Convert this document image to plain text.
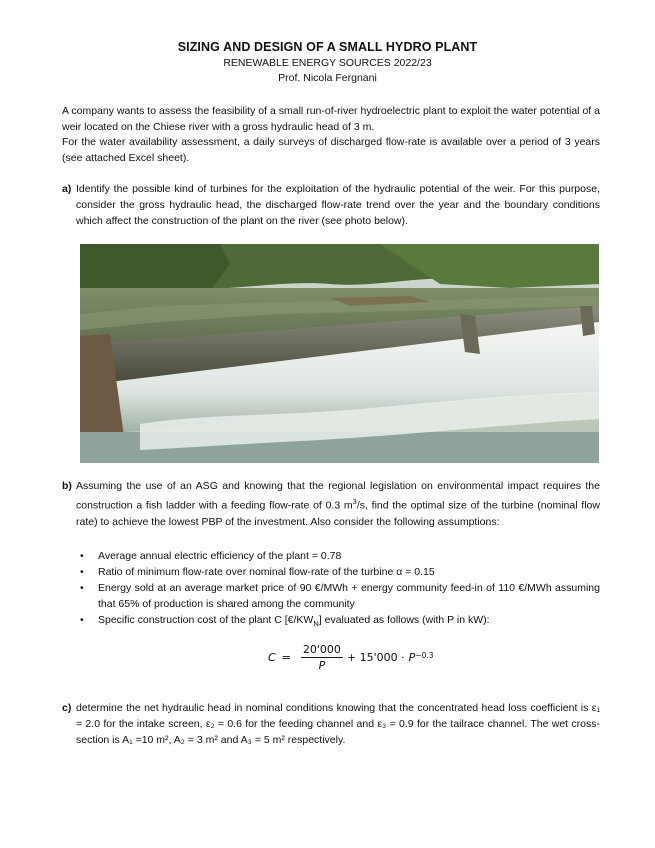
SIZING AND DESIGN OF A SMALL HYDRO PLANT
RENEWABLE ENERGY SOURCES 2022/23
Prof. Nicola Fergnani
A company wants to assess the feasibility of a small run-of-river hydroelectric plant to exploit the water potential of a weir located on the Chiese river with a gross hydraulic head of 3 m.
For the water availability assessment, a daily surveys of discharged flow-rate is available over a period of 3 years (see attached Excel sheet).
a) Identify the possible kind of turbines for the exploitation of the hydraulic potential of the weir. For this purpose, consider the gross hydraulic head, the discharged flow-rate trend over the year and the boundary conditions which affect the construction of the plant on the river (see photo below).
b) Assuming the use of an ASG and knowing that the regional legislation on environmental impact requires the construction a fish ladder with a feeding flow-rate of 0.3 $m^3/s$, find the optimal size of the turbine (nominal flow rate) to achieve the lowest PBP of the investment. Also consider the following assumptions:
• Average annual electric efficiency of the plant = 0.78
• Ratio of minimum flow-rate over nominal flow-rate of the turbine α = 0.15
• Energy sold at an average market price of 90 €/MWh + energy community feed-in of 110 €/MWh assuming that 65% of production is shared among the community
• Specific construction cost of the plant C $[€/KW_N]$ evaluated as follows (with P in kW):
$C = \frac{20'000}{P} + 15'000 \cdot P^{-0.3}$
c) determine the net hydraulic head in nominal conditions knowing that the concentrated head loss coefficient is ε₁ = 2.0 for the intake screen, ε₂ = 0.6 for the feeding channel and ε₃ = 0.9 for the tailrace channel. The wet cross-section is A₁ =10 m², A₂ = 3 m² and A₃ = 5 m² respectively.
